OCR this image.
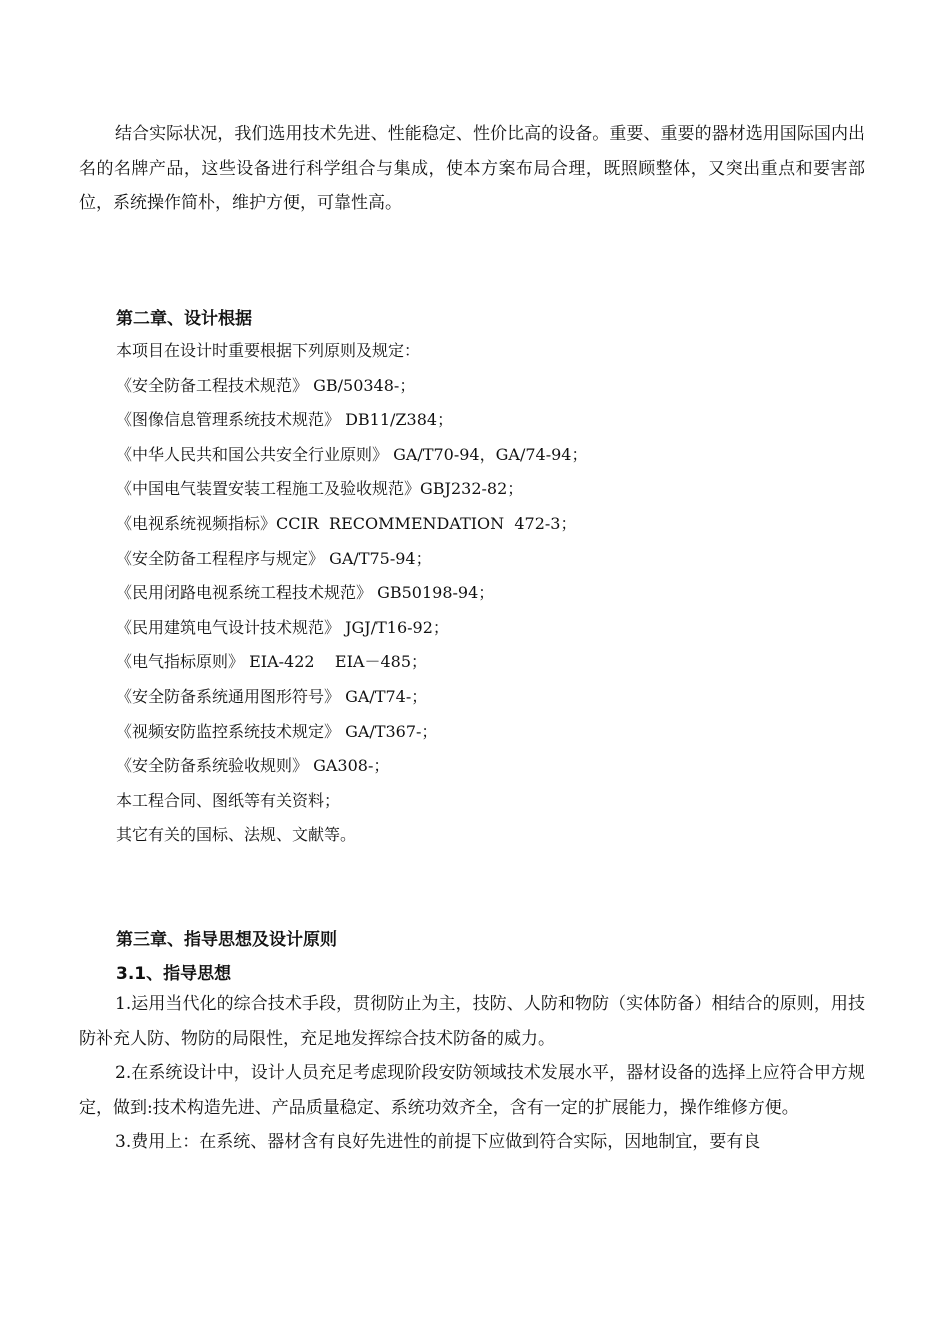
结合实际状况，我们选用技术先进、性能稳定、性价比高的设备。重要、重要的器材选用国际国内出名的名牌产品，这些设备进行科学组合与集成，使本方案布局合理，既照顾整体，又突出重点和要害部位，系统操作简朴，维护方便，可靠性高。

第二章、设计根据
本项目在设计时重要根据下列原则及规定：
《安全防备工程技术规范》 GB/50348-；
《图像信息管理系统技术规范》 DB11/Z384；
《中华人民共和国公共安全行业原则》 GA/T70-94，GA/74-94；
《中国电气装置安装工程施工及验收规范》GBJ232-82；
《电视系统视频指标》CCIR  RECOMMENDATION  472-3；
《安全防备工程程序与规定》 GA/T75-94；
《民用闭路电视系统工程技术规范》 GB50198-94；
《民用建筑电气设计技术规范》 JGJ/T16-92；
《电气指标原则》 EIA-422    EIA－485；
《安全防备系统通用图形符号》 GA/T74-；
《视频安防监控系统技术规定》 GA/T367-；
《安全防备系统验收规则》 GA308-；
本工程合同、图纸等有关资料；
其它有关的国标、法规、文献等。
第三章、指导思想及设计原则
3.1、指导思想

1.运用当代化的综合技术手段，贯彻防止为主，技防、人防和物防（实体防备）相结合的原则，用技防补充人防、物防的局限性，充足地发挥综合技术防备的威力。

2.在系统设计中，设计人员充足考虑现阶段安防领域技术发展水平，器材设备的选择上应符合甲方规定，做到:技术构造先进、产品质量稳定、系统功效齐全，含有一定的扩展能力，操作维修方便。

3.费用上：在系统、器材含有良好先进性的前提下应做到符合实际，因地制宜，要有良
